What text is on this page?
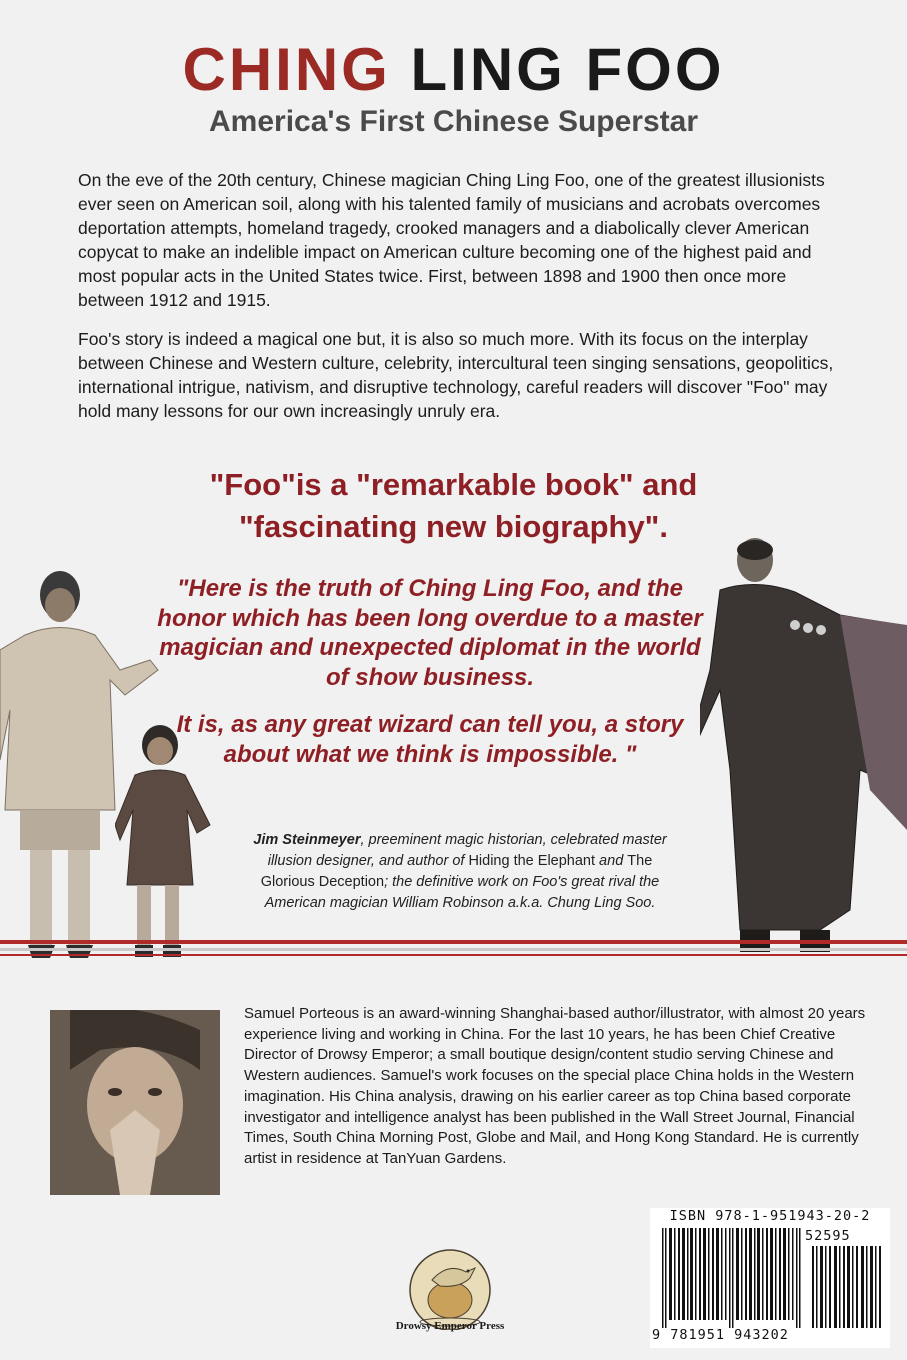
CHING LING FOO
America's First Chinese Superstar
On the eve of the 20th century, Chinese magician Ching Ling Foo, one of the greatest illusionists ever seen on American soil, along with his talented family of musicians and acrobats overcomes deportation attempts, homeland tragedy, crooked managers and a diabolically clever American copycat to make an indelible impact on American culture becoming one of the highest paid and most popular acts in the United States twice. First, between 1898 and 1900 then once more between 1912 and 1915.
Foo's story is indeed a magical one but, it is also so much more. With its focus on the interplay between Chinese and Western culture, celebrity, intercultural teen singing sensations, geopolitics, international intrigue, nativism, and disruptive technology, careful readers will discover "Foo" may hold many lessons for our own increasingly unruly era.
"Foo"is a "remarkable book" and
"fascinating new biography".
"Here is the truth of Ching Ling Foo, and the honor which has been long overdue to a master magician and unexpected diplomat in the world of show business.
It is, as any great wizard can tell you, a story about what we think is impossible. "
Jim Steinmeyer, preeminent magic historian, celebrated master illusion designer, and author of Hiding the Elephant and The Glorious Deception; the definitive work on Foo's great rival the American magician William Robinson a.k.a. Chung Ling Soo.
Samuel Porteous is an award-winning Shanghai-based author/illustrator, with almost 20 years experience living and working in China. For the last 10 years, he has been Chief Creative Director of Drowsy Emperor; a small boutique design/content studio serving Chinese and Western audiences. Samuel's work focuses on the special place China holds in the Western imagination. His China analysis, drawing on his earlier career as top China based corporate investigator and intelligence analyst has been published in the Wall Street Journal, Financial Times, South China Morning Post, Globe and Mail, and Hong Kong Standard. He is currently artist in residence at TanYuan Gardens.
Drowsy Emperor Press
ISBN 978-1-951943-20-2
52595
9 781951 943202
